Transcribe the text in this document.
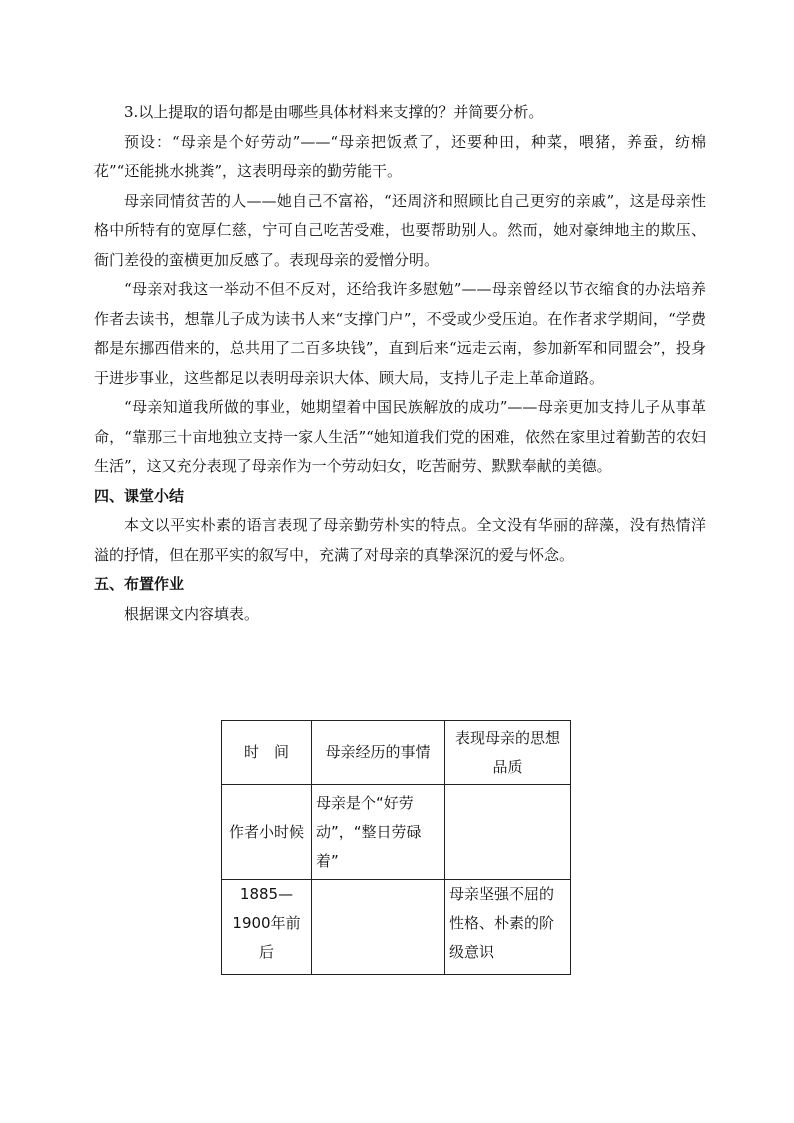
3.以上提取的语句都是由哪些具体材料来支撑的？并简要分析。

预设：“母亲是个好劳动”——“母亲把饭煮了，还要种田，种菜，喂猪，养蚕，纺棉花”“还能挑水挑粪”，这表明母亲的勤劳能干。

母亲同情贫苦的人——她自己不富裕，“还周济和照顾比自己更穷的亲戚”，这是母亲性格中所特有的宽厚仁慈，宁可自己吃苦受难，也要帮助别人。然而，她对豪绅地主的欺压、衙门差役的蛮横更加反感了。表现母亲的爱憎分明。

“母亲对我这一举动不但不反对，还给我许多慰勉”——母亲曾经以节衣缩食的办法培养作者去读书，想靠儿子成为读书人来“支撑门户”，不受或少受压迫。在作者求学期间，“学费都是东挪西借来的，总共用了二百多块钱”，直到后来“远走云南，参加新军和同盟会”，投身于进步事业，这些都足以表明母亲识大体、顾大局，支持儿子走上革命道路。

“母亲知道我所做的事业，她期望着中国民族解放的成功”——母亲更加支持儿子从事革命，“靠那三十亩地独立支持一家人生活”“她知道我们党的困难，依然在家里过着勤苦的农妇生活”，这又充分表现了母亲作为一个劳动妇女，吃苦耐劳、默默奉献的美德。

四、课堂小结

本文以平实朴素的语言表现了母亲勤劳朴实的特点。全文没有华丽的辞藻，没有热情洋溢的抒情，但在那平实的叙写中，充满了对母亲的真挚深沉的爱与怀念。

五、布置作业

根据课文内容填表。

时　间	母亲经历的事情	表现母亲的思想品质
作者小时候	母亲是个“好劳动”，“整日劳碌着”	
1885—1900年前后		母亲坚强不屈的性格、朴素的阶级意识
